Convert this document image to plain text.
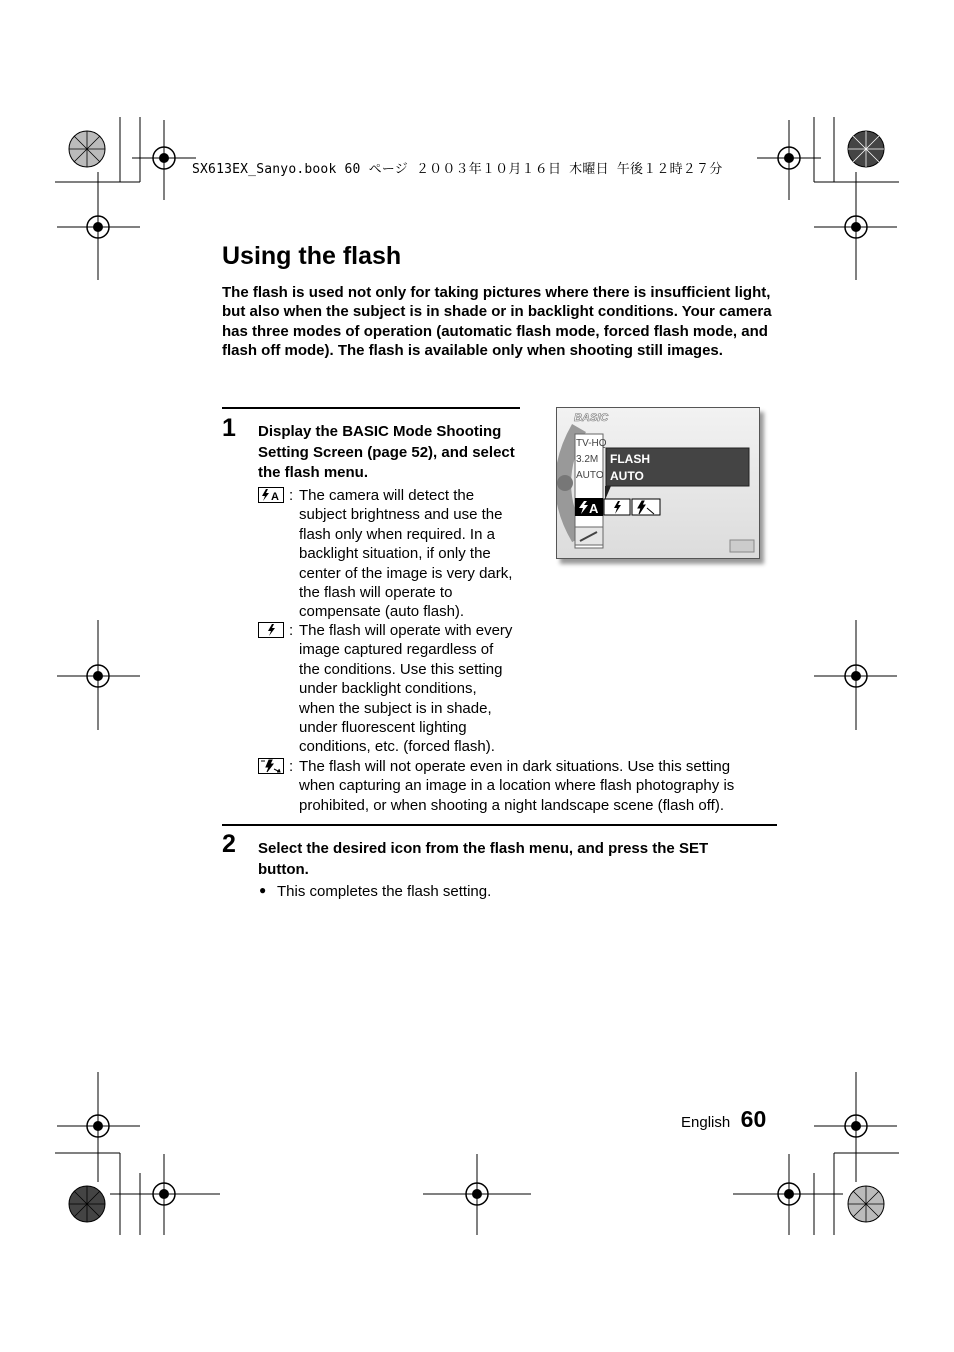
SX613EX_Sanyo.book 60 ページ ２００３年１０月１６日 木曜日 午後１２時２７分
Using the flash

The flash is used not only for taking pictures where there is insufficient light, but also when the subject is in shade or in backlight conditions. Your camera has three modes of operation (automatic flash mode, forced flash mode, and flash off mode). The flash is available only when shooting still images.

1 Display the BASIC Mode Shooting Setting Screen (page 52), and select the flash menu.
A : The camera will detect the
subject brightness and use the
flash only when required. In a
backlight situation, if only the
center of the image is very dark,
the flash will operate to
compensate (auto flash).
: The flash will operate with every
image captured regardless of
the conditions. Use this setting
under backlight conditions,
when the subject is in shade,
under fluorescent lighting
conditions, etc. (forced flash).
: The flash will not operate even in dark situations. Use this setting
when capturing an image in a location where flash photography is
prohibited, or when shooting a night landscape scene (flash off).
BASIC
A
TV-HQ
3.2M
AUTO
FLASH
AUTO
2 Select the desired icon from the flash menu, and press the SET button.
● This completes the flash setting.
English 60
